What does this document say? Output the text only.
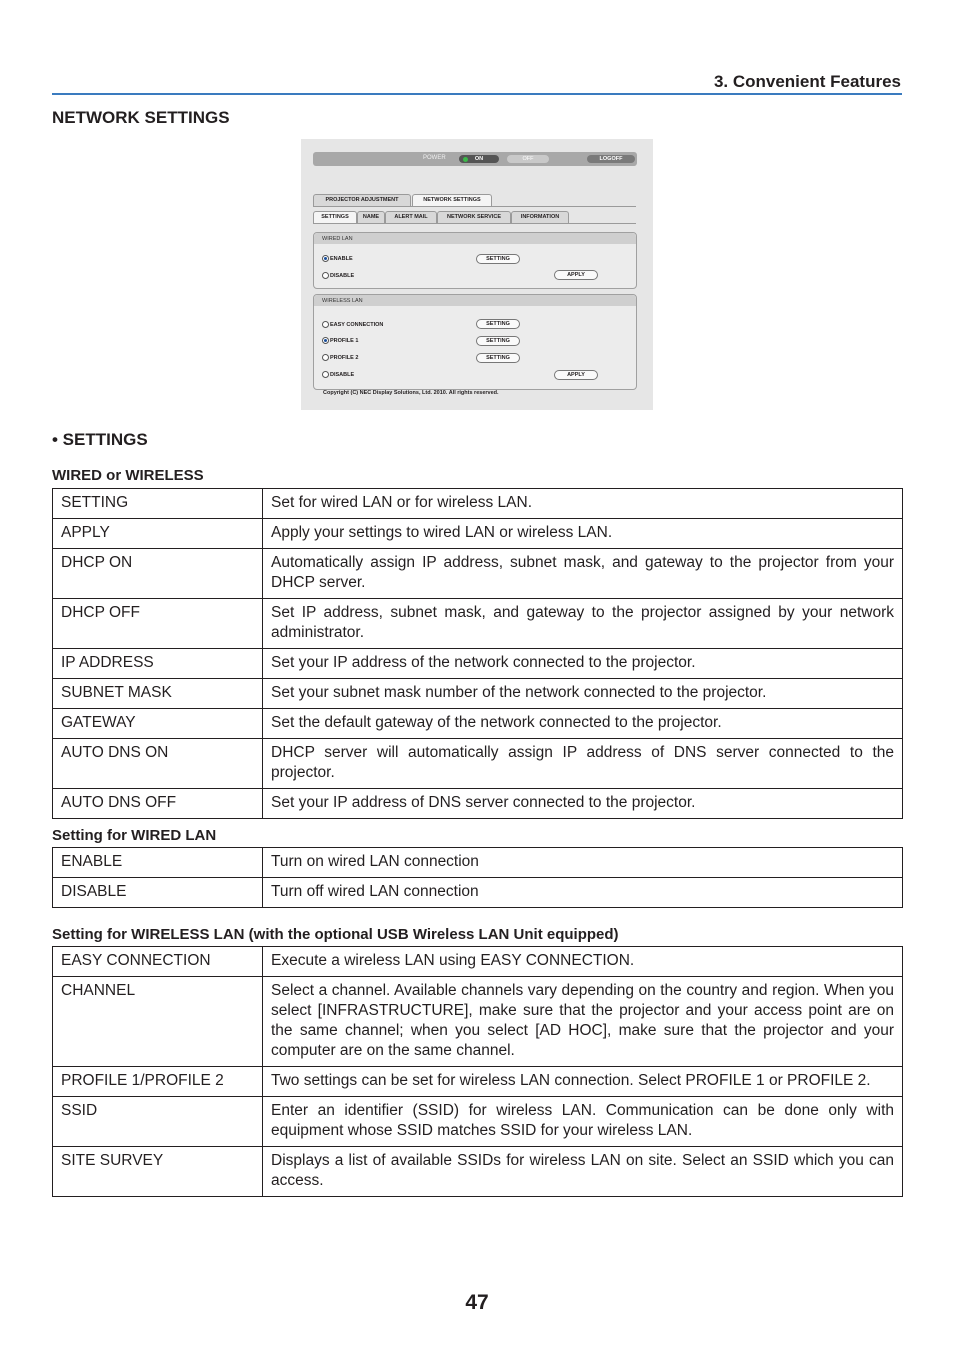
3. Convenient Features
NETWORK SETTINGS
POWER	ON	OFF	LOGOFF
PROJECTOR ADJUSTMENT	NETWORK SETTINGS
SETTINGS	NAME	ALERT MAIL	NETWORK SERVICE	INFORMATION
WIRED LAN
ENABLE
DISABLE
SETTING
APPLY
WIRELESS LAN
EASY CONNECTION
PROFILE 1
PROFILE 2
DISABLE
SETTING
SETTING
SETTING
APPLY
Copyright (C) NEC Display Solutions, Ltd. 2010. All rights reserved.
• SETTINGS
WIRED or WIRELESS
SETTING	Set for wired LAN or for wireless LAN.
APPLY	Apply your settings to wired LAN or wireless LAN.
DHCP ON	Automatically assign IP address, subnet mask, and gateway to the projector from your DHCP server.
DHCP OFF	Set IP address, subnet mask, and gateway to the projector assigned by your network administrator.
IP ADDRESS	Set your IP address of the network connected to the projector.
SUBNET MASK	Set your subnet mask number of the network connected to the projector.
GATEWAY	Set the default gateway of the network connected to the projector.
AUTO DNS ON	DHCP server will automatically assign IP address of DNS server connected to the projector.
AUTO DNS OFF	Set your IP address of DNS server connected to the projector.
Setting for WIRED LAN
ENABLE	Turn on wired LAN connection
DISABLE	Turn off wired LAN connection
Setting for WIRELESS LAN (with the optional USB Wireless LAN Unit equipped)
EASY CONNECTION	Execute a wireless LAN using EASY CONNECTION.
CHANNEL	Select a channel. Available channels vary depending on the country and region. When you select [INFRASTRUCTURE], make sure that the projector and your access point are on the same channel; when you select [AD HOC], make sure that the projector and your computer are on the same channel.
PROFILE 1/PROFILE 2	Two settings can be set for wireless LAN connection. Select PROFILE 1 or PROFILE 2.
SSID	Enter an identifier (SSID) for wireless LAN. Communication can be done only with equipment whose SSID matches SSID for your wireless LAN.
SITE SURVEY	Displays a list of available SSIDs for wireless LAN on site. Select an SSID which you can access.
47
